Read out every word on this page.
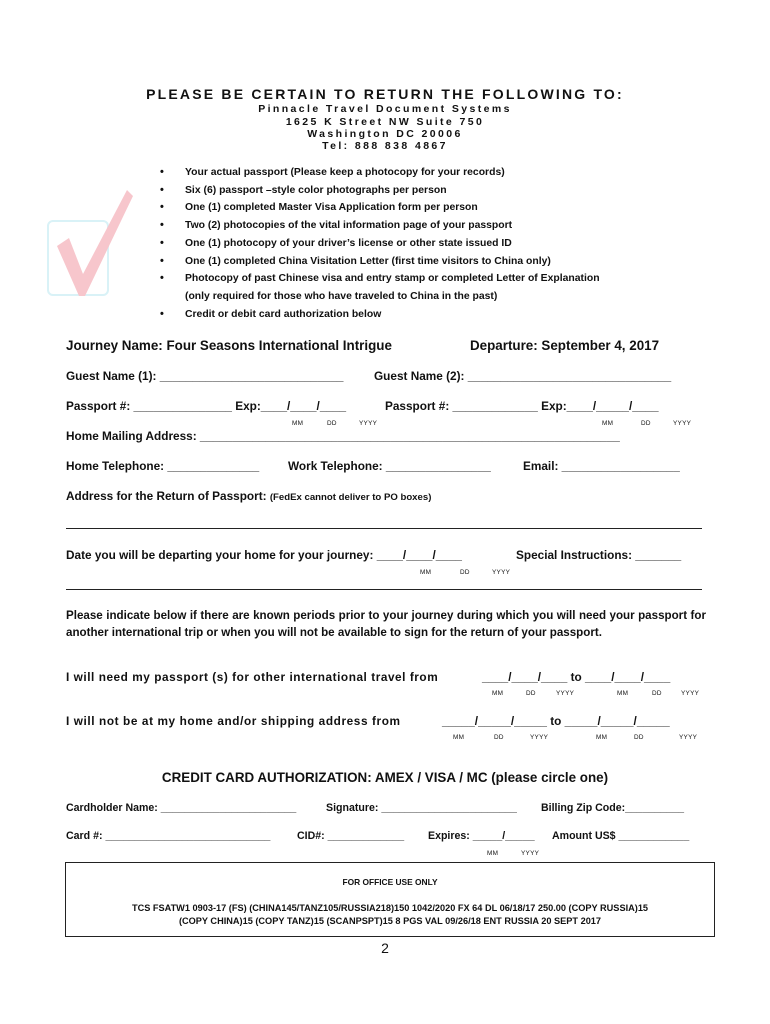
PLEASE BE CERTAIN TO RETURN THE FOLLOWING TO:
Pinnacle Travel Document Systems
1625 K Street NW Suite 750
Washington DC 20006
Tel: 888 838 4867
• Your actual passport (Please keep a photocopy for your records)
• Six (6) passport –style color photographs per person
• One (1) completed Master Visa Application form per person
• Two (2) photocopies of the vital information page of your passport
• One (1) photocopy of your driver’s license or other state issued ID
• One (1) completed China Visitation Letter (first time visitors to China only)
• Photocopy of past Chinese visa and entry stamp or completed Letter of Explanation (only required for those who have traveled to China in the past)
• Credit or debit card authorization below
Journey Name: Four Seasons International Intrigue	Departure: September 4, 2017
Guest Name (1): ____________________________	Guest Name (2): _______________________________
Passport #: _______________ Exp:____/____/____	Passport #: _____________ Exp:____/_____/____
MM	DD	YYYY	MM	DD	YYYY
Home Mailing Address: ________________________________________________________________
Home Telephone: ______________ Work Telephone: ________________	Email: __________________
Address for the Return of Passport: (FedEx cannot deliver to PO boxes)
Date you will be departing your home for your journey: ____/____/____	Special Instructions: _______
MM	DD	YYYY
Please indicate below if there are known periods prior to your journey during which you will need your passport for another international trip or when you will not be available to sign for the return of your passport.
I will need my passport (s) for other international travel from	____/____/____ to ____/____/____
MM	DD	YYYY	MM	DD	YYYY
I will not be at my home and/or shipping address from	_____/_____/_____ to _____/_____/_____
MM	DD	YYYY	MM	DD	YYYY
CREDIT CARD AUTHORIZATION: AMEX / VISA / MC (please circle one)
Cardholder Name: _______________________	Signature: _______________________ Billing Zip Code:__________
Card #: ____________________________	CID#: _____________ Expires: _____/_____ Amount US$ ____________
MM	YYYY
FOR OFFICE USE ONLY
TCS FSATW1 0903-17 (FS) (CHINA145/TANZ105/RUSSIA218)150 1042/2020 FX 64 DL 06/18/17 250.00 (COPY RUSSIA)15
(COPY CHINA)15 (COPY TANZ)15 (SCANPSPT)15 8 PGS VAL 09/26/18 ENT RUSSIA 20 SEPT 2017
2
